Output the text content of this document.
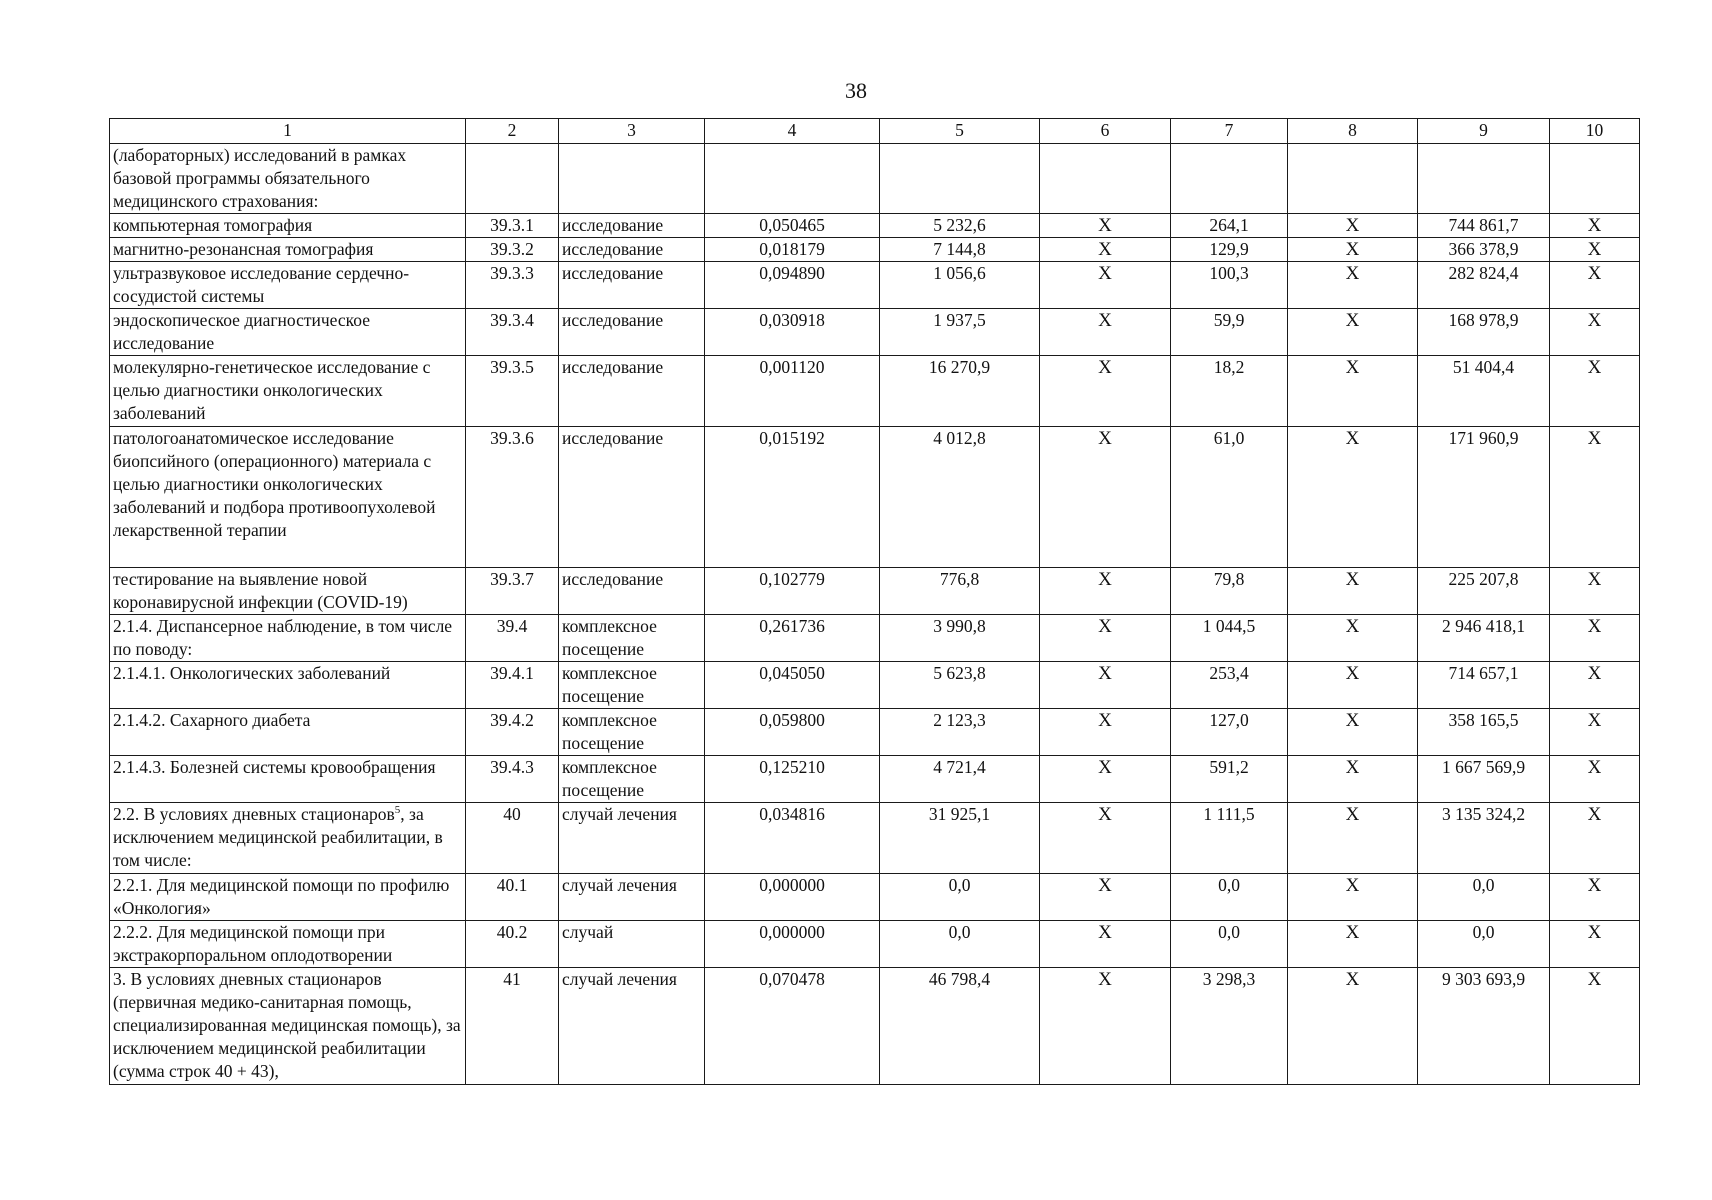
38
1	2	3	4	5	6	7	8	9	10
(лабораторных) исследований в рамках базовой программы обязательного медицинского страхования:									
компьютерная томография	39.3.1	исследование	0,050465	5 232,6	X	264,1	X	744 861,7	X
магнитно-резонансная томография	39.3.2	исследование	0,018179	7 144,8	X	129,9	X	366 378,9	X
ультразвуковое исследование сердечно-сосудистой системы	39.3.3	исследование	0,094890	1 056,6	X	100,3	X	282 824,4	X
эндоскопическое диагностическое исследование	39.3.4	исследование	0,030918	1 937,5	X	59,9	X	168 978,9	X
молекулярно-генетическое исследование с целью диагностики онкологических заболеваний	39.3.5	исследование	0,001120	16 270,9	X	18,2	X	51 404,4	X
патологоанатомическое исследование биопсийного (операционного) материала с целью диагностики онкологических заболеваний и подбора противоопухолевой лекарственной терапии	39.3.6	исследование	0,015192	4 012,8	X	61,0	X	171 960,9	X
тестирование на выявление новой коронавирусной инфекции (COVID-19)	39.3.7	исследование	0,102779	776,8	X	79,8	X	225 207,8	X
2.1.4. Диспансерное наблюдение, в том числе по поводу:	39.4	комплексное посещение	0,261736	3 990,8	X	1 044,5	X	2 946 418,1	X
2.1.4.1. Онкологических заболеваний	39.4.1	комплексное посещение	0,045050	5 623,8	X	253,4	X	714 657,1	X
2.1.4.2. Сахарного диабета	39.4.2	комплексное посещение	0,059800	2 123,3	X	127,0	X	358 165,5	X
2.1.4.3. Болезней системы кровообращения	39.4.3	комплексное посещение	0,125210	4 721,4	X	591,2	X	1 667 569,9	X
2.2. В условиях дневных стационаров$^5$, за исключением медицинской реабилитации, в том числе:	40	случай лечения	0,034816	31 925,1	X	1 111,5	X	3 135 324,2	X
2.2.1. Для медицинской помощи по профилю «Онкология»	40.1	случай лечения	0,000000	0,0	X	0,0	X	0,0	X
2.2.2. Для медицинской помощи при экстракорпоральном оплодотворении	40.2	случай	0,000000	0,0	X	0,0	X	0,0	X
3. В условиях дневных стационаров (первичная медико-санитарная помощь, специализированная медицинская помощь), за исключением медицинской реабилитации (сумма строк 40 + 43),	41	случай лечения	0,070478	46 798,4	X	3 298,3	X	9 303 693,9	X
